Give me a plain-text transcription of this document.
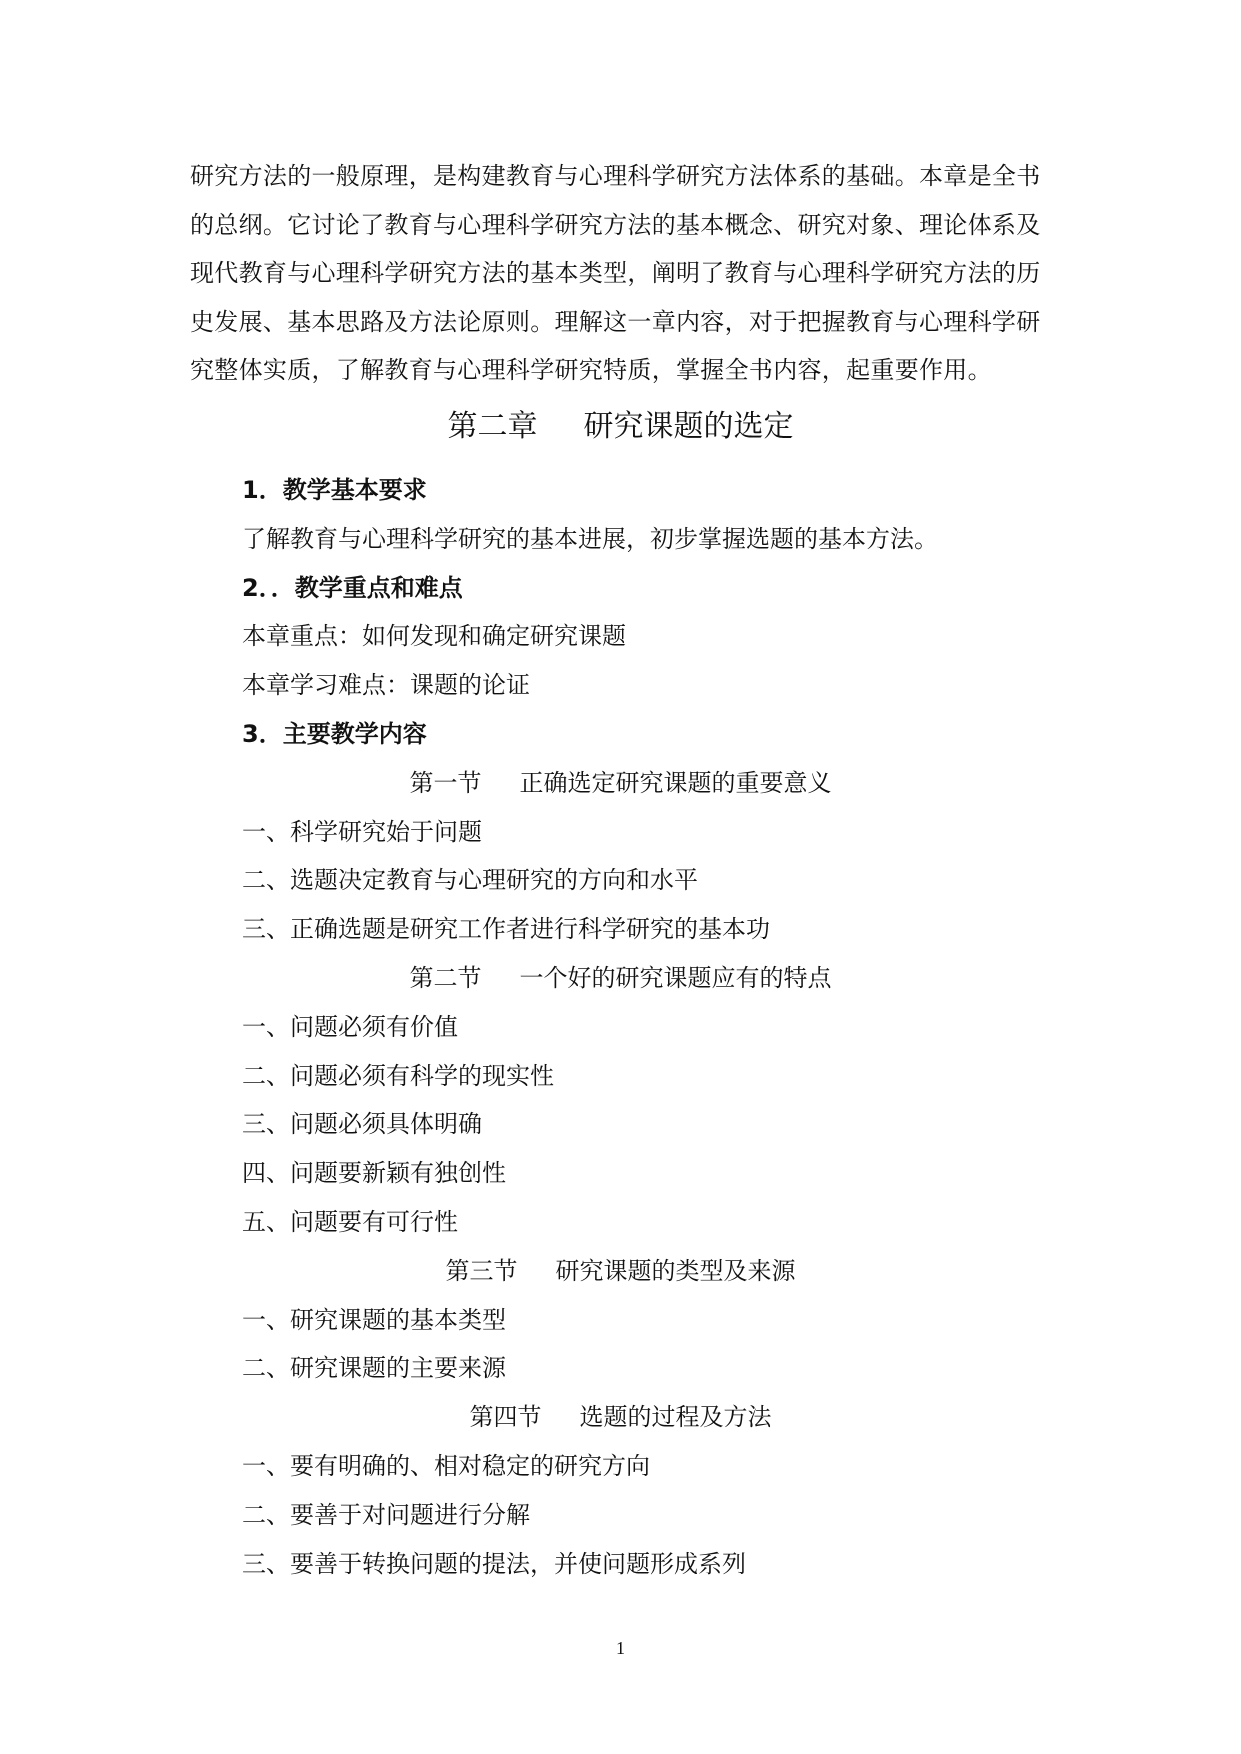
研究方法的一般原理，是构建教育与心理科学研究方法体系的基础。本章是全书
的总纲。它讨论了教育与心理科学研究方法的基本概念、研究对象、理论体系及
现代教育与心理科学研究方法的基本类型，阐明了教育与心理科学研究方法的历
史发展、基本思路及方法论原则。理解这一章内容，对于把握教育与心理科学研
究整体实质，了解教育与心理科学研究特质，掌握全书内容，起重要作用。
第二章 研究课题的选定
1．教学基本要求
了解教育与心理科学研究的基本进展，初步掌握选题的基本方法。
2．．教学重点和难点
本章重点：如何发现和确定研究课题
本章学习难点：课题的论证
3．主要教学内容
第一节 正确选定研究课题的重要意义
一、科学研究始于问题
二、选题决定教育与心理研究的方向和水平
三、正确选题是研究工作者进行科学研究的基本功
第二节 一个好的研究课题应有的特点
一、问题必须有价值
二、问题必须有科学的现实性
三、问题必须具体明确
四、问题要新颖有独创性
五、问题要有可行性
第三节 研究课题的类型及来源
一、研究课题的基本类型
二、研究课题的主要来源
第四节 选题的过程及方法
一、要有明确的、相对稳定的研究方向
二、要善于对问题进行分解
三、要善于转换问题的提法，并使问题形成系列
1
